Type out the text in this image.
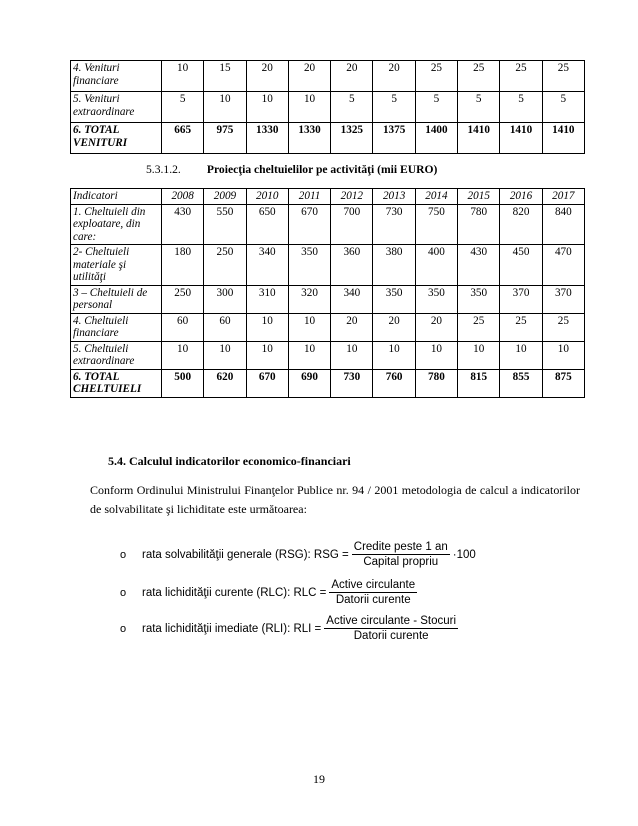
4. Venituri financiare	10	15	20	20	20	20	25	25	25	25
5. Venituri extraordinare	5	10	10	10	5	5	5	5	5	5
6. TOTAL VENITURI	665	975	1330	1330	1325	1375	1400	1410	1410	1410
5.3.1.2. Proiecţia cheltuielilor pe activităţi (mii EURO)
Indicatori	2008	2009	2010	2011	2012	2013	2014	2015	2016	2017
1. Cheltuieli din exploatare, din care:	430	550	650	670	700	730	750	780	820	840
2- Cheltuieli materiale şi utilităţi	180	250	340	350	360	380	400	430	450	470
3 – Cheltuieli de personal	250	300	310	320	340	350	350	350	370	370
4. Cheltuieli financiare	60	60	10	10	20	20	20	25	25	25
5. Cheltuieli extraordinare	10	10	10	10	10	10	10	10	10	10
6. TOTAL CHELTUIELI	500	620	670	690	730	760	780	815	855	875
5.4. Calculul indicatorilor economico-financiari
Conform Ordinului Ministrului Finanţelor Publice nr. 94 / 2001 metodologia de calcul a indicatorilor de solvabilitate şi lichiditate este următoarea:
o	rata solvabilităţii generale (RSG): RSG = $\frac{\text{Credite peste 1 an}}{\text{Capital propriu}} \cdot 100$
o	rata lichidităţii curente (RLC): RLC = $\frac{\text{Active circulante}}{\text{Datorii curente}}$
o	rata lichidităţii imediate (RLI): RLI = $\frac{\text{Active circulante - Stocuri}}{\text{Datorii curente}}$
19
